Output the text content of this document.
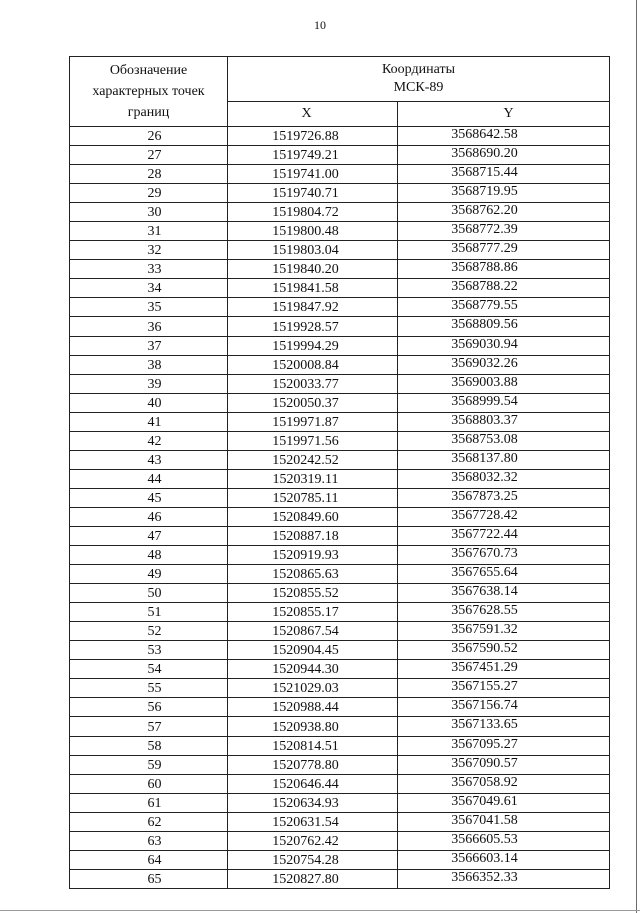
10
Обозначение
характерных точек
границ	Координаты
МСК-89	

	X	Y
26	1519726.88	3568642.58
27	1519749.21	3568690.20
28	1519741.00	3568715.44
29	1519740.71	3568719.95
30	1519804.72	3568762.20
31	1519800.48	3568772.39
32	1519803.04	3568777.29
33	1519840.20	3568788.86
34	1519841.58	3568788.22
35	1519847.92	3568779.55
36	1519928.57	3568809.56
37	1519994.29	3569030.94
38	1520008.84	3569032.26
39	1520033.77	3569003.88
40	1520050.37	3568999.54
41	1519971.87	3568803.37
42	1519971.56	3568753.08
43	1520242.52	3568137.80
44	1520319.11	3568032.32
45	1520785.11	3567873.25
46	1520849.60	3567728.42
47	1520887.18	3567722.44
48	1520919.93	3567670.73
49	1520865.63	3567655.64
50	1520855.52	3567638.14
51	1520855.17	3567628.55
52	1520867.54	3567591.32
53	1520904.45	3567590.52
54	1520944.30	3567451.29
55	1521029.03	3567155.27
56	1520988.44	3567156.74
57	1520938.80	3567133.65
58	1520814.51	3567095.27
59	1520778.80	3567090.57
60	1520646.44	3567058.92
61	1520634.93	3567049.61
62	1520631.54	3567041.58
63	1520762.42	3566605.53
64	1520754.28	3566603.14
65	1520827.80	3566352.33
